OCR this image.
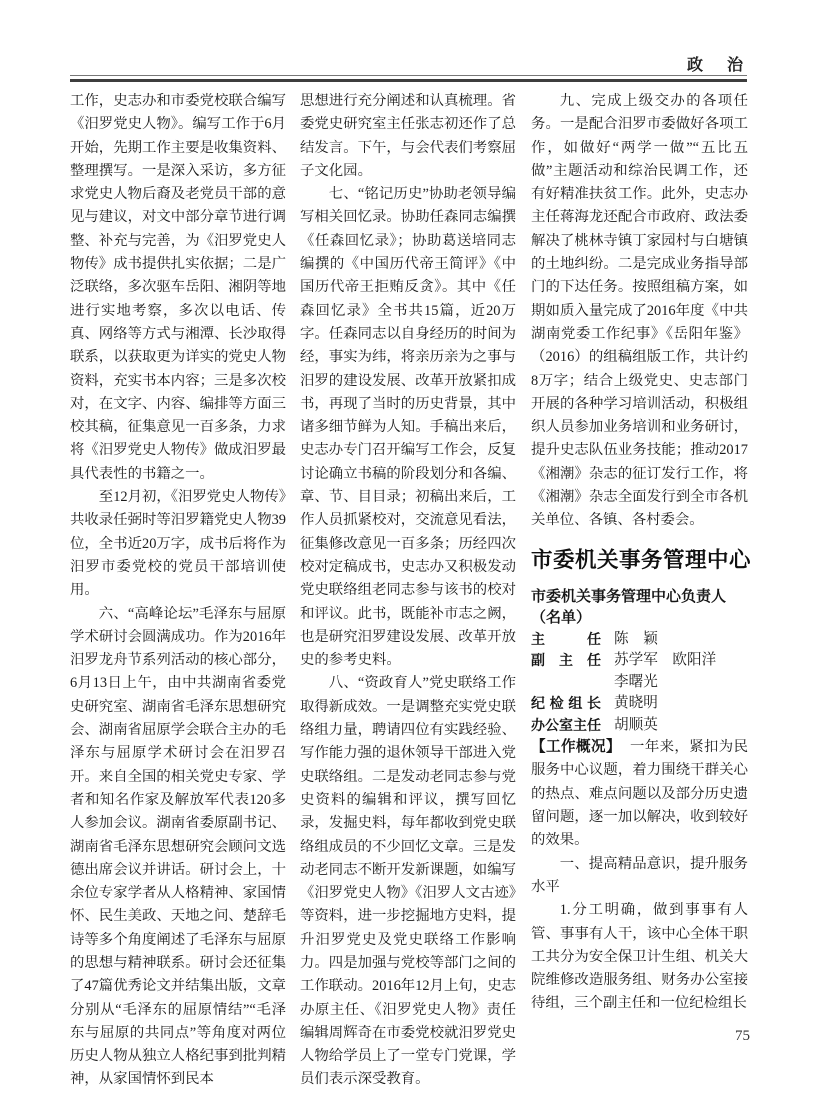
政　治

工作，史志办和市委党校联合编写《汨罗党史人物》。编写工作于6月开始，先期工作主要是收集资料、整理撰写。一是深入采访，多方征求党史人物后裔及老党员干部的意见与建议，对文中部分章节进行调整、补充与完善，为《汨罗党史人物传》成书提供扎实依据；二是广泛联络，多次驱车岳阳、湘阴等地进行实地考察，多次以电话、传真、网络等方式与湘潭、长沙取得联系，以获取更为详实的党史人物资料，充实书本内容；三是多次校对，在文字、内容、编排等方面三校其稿，征集意见一百多条，力求将《汨罗党史人物传》做成汨罗最具代表性的书籍之一。

至12月初，《汨罗党史人物传》共收录任弼时等汨罗籍党史人物39位，全书近20万字，成书后将作为汨罗市委党校的党员干部培训使用。

六、“高峰论坛”毛泽东与屈原学术研讨会圆满成功。作为2016年汨罗龙舟节系列活动的核心部分，6月13日上午，由中共湖南省委党史研究室、湖南省毛泽东思想研究会、湖南省屈原学会联合主办的毛泽东与屈原学术研讨会在汨罗召开。来自全国的相关党史专家、学者和知名作家及解放军代表120多人参加会议。湖南省委原副书记、湖南省毛泽东思想研究会顾问文选德出席会议并讲话。研讨会上，十余位专家学者从人格精神、家国情怀、民生美政、天地之问、楚辞毛诗等多个角度阐述了毛泽东与屈原的思想与精神联系。研讨会还征集了47篇优秀论文并结集出版，文章分别从“毛泽东的屈原情结”“毛泽东与屈原的共同点”等角度对两位历史人物从独立人格纪事到批判精神，从家国情怀到民本

思想进行充分阐述和认真梳理。省委党史研究室主任张志初还作了总结发言。下午，与会代表们考察屈子文化园。

七、“铭记历史”协助老领导编写相关回忆录。协助任森同志编撰《任森回忆录》；协助葛送培同志编撰的《中国历代帝王简评》《中国历代帝王拒贿反贪》。其中《任森回忆录》全书共15篇，近20万字。任森同志以自身经历的时间为经，事实为纬，将亲历亲为之事与汨罗的建设发展、改革开放紧扣成书，再现了当时的历史背景，其中诸多细节鲜为人知。手稿出来后，史志办专门召开编写工作会，反复讨论确立书稿的阶段划分和各编、章、节、目目录；初稿出来后，工作人员抓紧校对，交流意见看法，征集修改意见一百多条；历经四次校对定稿成书，史志办又积极发动党史联络组老同志参与该书的校对和评议。此书，既能补市志之阙，也是研究汨罗建设发展、改革开放史的参考史料。

八、“资政育人”党史联络工作取得新成效。一是调整充实党史联络组力量，聘请四位有实践经验、写作能力强的退休领导干部进入党史联络组。二是发动老同志参与党史资料的编辑和评议，撰写回忆录，发掘史料，每年都收到党史联络组成员的不少回忆文章。三是发动老同志不断开发新课题，如编写《汨罗党史人物》《汨罗人文古迹》等资料，进一步挖掘地方史料，提升汨罗党史及党史联络工作影响力。四是加强与党校等部门之间的工作联动。2016年12月上旬，史志办原主任、《汨罗党史人物》责任编辑周辉奇在市委党校就汨罗党史人物给学员上了一堂专门党课，学员们表示深受教育。

九、完成上级交办的各项任务。一是配合汨罗市委做好各项工作，如做好“两学一做”“五比五做”主题活动和综治民调工作，还有好精准扶贫工作。此外，史志办主任蒋海龙还配合市政府、政法委解决了桃林寺镇丁家园村与白塘镇的土地纠纷。二是完成业务指导部门的下达任务。按照组稿方案，如期如质入量完成了2016年度《中共湖南党委工作纪事》《岳阳年鉴》（2016）的组稿组版工作，共计约8万字；结合上级党史、史志部门开展的各种学习培训活动，积极组织人员参加业务培训和业务研讨，提升史志队伍业务技能；推动2017《湘潮》杂志的征订发行工作，将《湘潮》杂志全面发行到全市各机关单位、各镇、各村委会。

市委机关事务管理中心
市委机关事务管理中心负责人
（名单）
主任 陈　颖
副主任 苏学军　欧阳洋
李曙光
纪检组长 黄晓明
办公室主任 胡顺英

【工作概况】 一年来，紧扣为民服务中心议题，着力围绕干群关心的热点、难点问题以及部分历史遗留问题，逐一加以解决，收到较好的效果。

一、提高精品意识，提升服务水平

1.分工明确，做到事事有人管、事事有人干，该中心全体干职工共分为安全保卫计生组、机关大院维修改造服务组、财务办公室接待组，三个副主任和一位纪检组长

75
